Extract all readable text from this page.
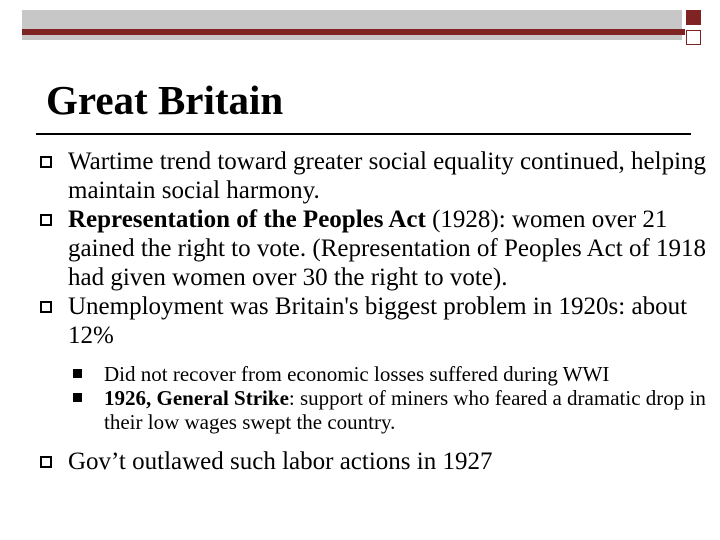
Great Britain

Wartime trend toward greater social equality continued, helping maintain social harmony.

Representation of the Peoples Act (1928): women over 21 gained the right to vote. (Representation of Peoples Act of 1918 had given women over 30 the right to vote).

Unemployment was Britain's biggest problem in 1920s: about 12%

Did not recover from economic losses suffered during WWI

1926, General Strike: support of miners who feared a dramatic drop in their low wages swept the country.

Gov’t outlawed such labor actions in 1927
